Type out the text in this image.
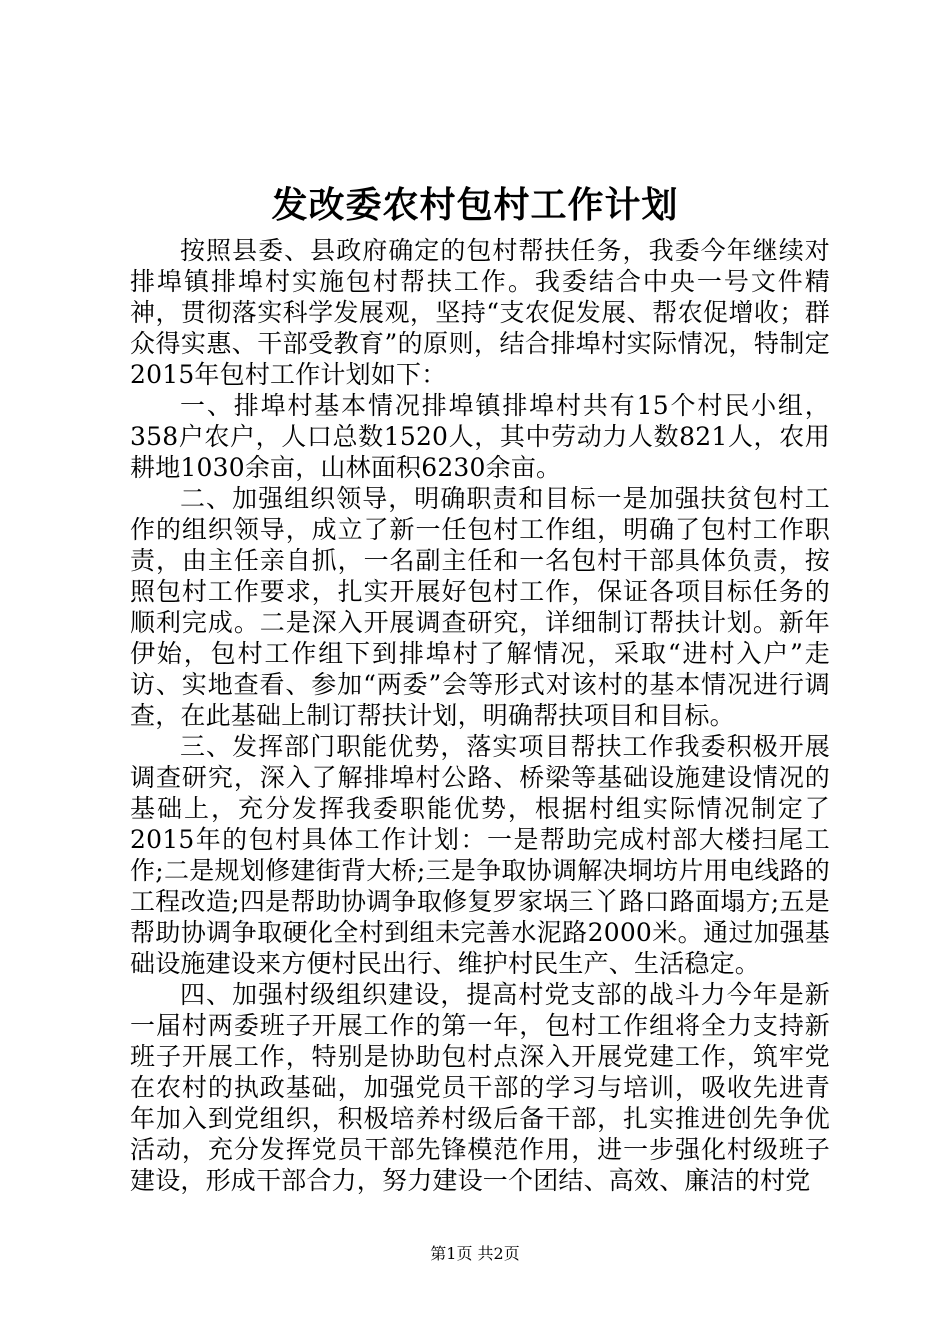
发改委农村包村工作计划

按照县委、县政府确定的包村帮扶任务，我委今年继续对排埠镇排埠村实施包村帮扶工作。我委结合中央一号文件精神，贯彻落实科学发展观，坚持“支农促发展、帮农促增收；群众得实惠、干部受教育”的原则，结合排埠村实际情况，特制定2015年包村工作计划如下：

一、排埠村基本情况排埠镇排埠村共有15个村民小组，358户农户，人口总数1520人，其中劳动力人数821人，农用耕地1030余亩，山林面积6230余亩。

二、加强组织领导，明确职责和目标一是加强扶贫包村工作的组织领导，成立了新一任包村工作组，明确了包村工作职责，由主任亲自抓，一名副主任和一名包村干部具体负责，按照包村工作要求，扎实开展好包村工作，保证各项目标任务的顺利完成。二是深入开展调查研究，详细制订帮扶计划。新年伊始，包村工作组下到排埠村了解情况，采取“进村入户”走访、实地查看、参加“两委”会等形式对该村的基本情况进行调查，在此基础上制订帮扶计划，明确帮扶项目和目标。

三、发挥部门职能优势，落实项目帮扶工作我委积极开展调查研究，深入了解排埠村公路、桥梁等基础设施建设情况的基础上，充分发挥我委职能优势，根据村组实际情况制定了2015年的包村具体工作计划：一是帮助完成村部大楼扫尾工作;二是规划修建街背大桥;三是争取协调解决垌坊片用电线路的工程改造;四是帮助协调争取修复罗家埚三丫路口路面塌方;五是帮助协调争取硬化全村到组未完善水泥路2000米。通过加强基础设施建设来方便村民出行、维护村民生产、生活稳定。

四、加强村级组织建设，提高村党支部的战斗力今年是新一届村两委班子开展工作的第一年，包村工作组将全力支持新班子开展工作，特别是协助包村点深入开展党建工作，筑牢党在农村的执政基础，加强党员干部的学习与培训，吸收先进青年加入到党组织，积极培养村级后备干部，扎实推进创先争优活动，充分发挥党员干部先锋模范作用，进一步强化村级班子建设，形成干部合力，努力建设一个团结、高效、廉洁的村党

第1页 共2页
